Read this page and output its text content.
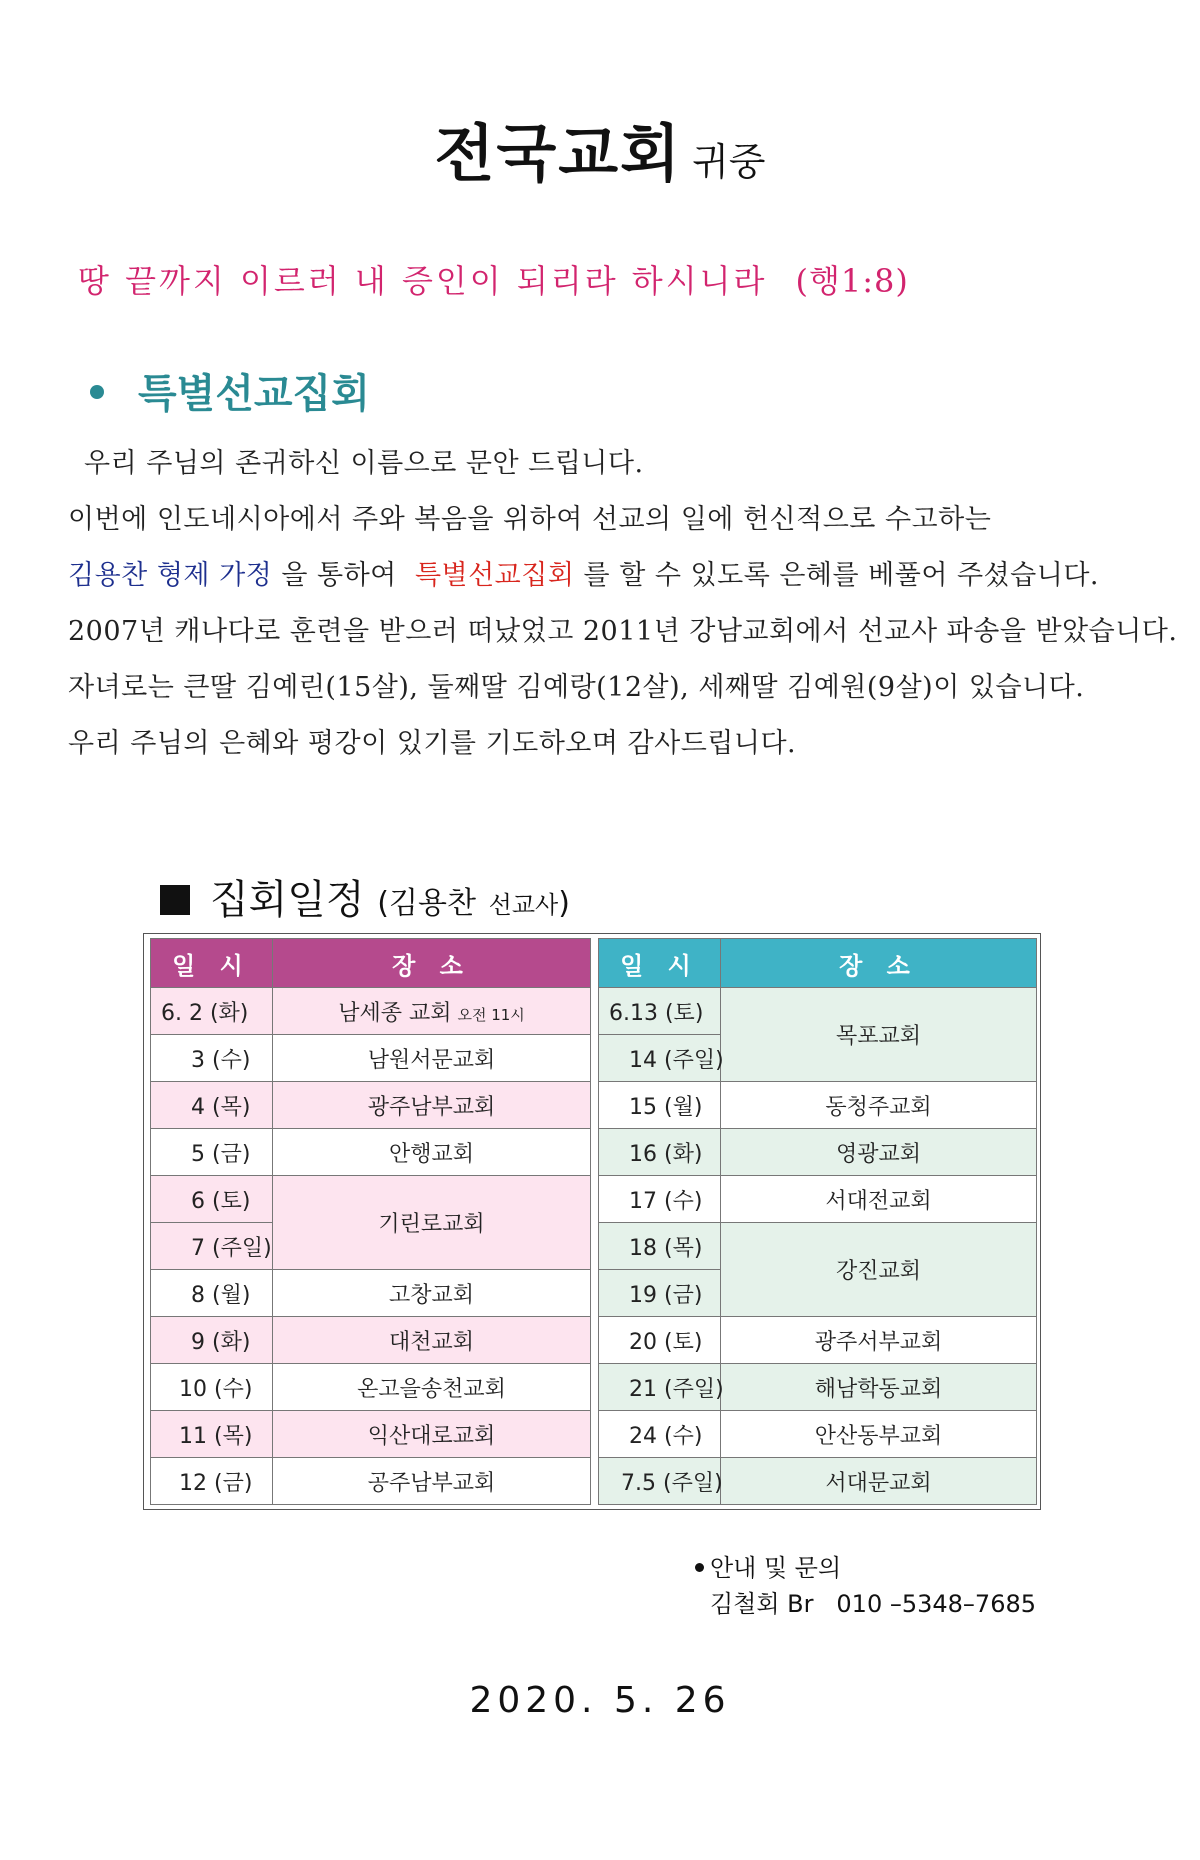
전국교회 귀중
땅 끝까지 이르러 내 증인이 되리라 하시니라 (행1:8)
특별선교집회
우리 주님의 존귀하신 이름으로 문안 드립니다.
이번에 인도네시아에서 주와 복음을 위하여 선교의 일에 헌신적으로 수고하는
김용찬 형제 가정 을 통하여 특별선교집회 를 할 수 있도록 은혜를 베풀어 주셨습니다.
2007년 캐나다로 훈련을 받으러 떠났었고 2011년 강남교회에서 선교사 파송을 받았습니다.
자녀로는 큰딸 김예린(15살), 둘째딸 김예랑(12살), 세째딸 김예원(9살)이 있습니다.
우리 주님의 은혜와 평강이 있기를 기도하오며 감사드립니다.
집회일정 (김용찬 선교사)
일 시	장 소
6. 2 (화)	남세종 교회 오전 11시
3 (수)	남원서문교회
4 (목)	광주남부교회
5 (금)	안행교회
6 (토)	기린로교회
7 (주일)	
8 (월)	고창교회
9 (화)	대천교회
10 (수)	온고을송천교회
11 (목)	익산대로교회
12 (금)	공주남부교회
일 시	장 소
6.13 (토)	목포교회
14 (주일)	
15 (월)	동청주교회
16 (화)	영광교회
17 (수)	서대전교회
18 (목)	강진교회
19 (금)	
20 (토)	광주서부교회
21 (주일)	해남학동교회
24 (수)	안산동부교회
7.5 (주일)	서대문교회
안내 및 문의
김철회 Br 010 –5348–7685
2020. 5. 26
